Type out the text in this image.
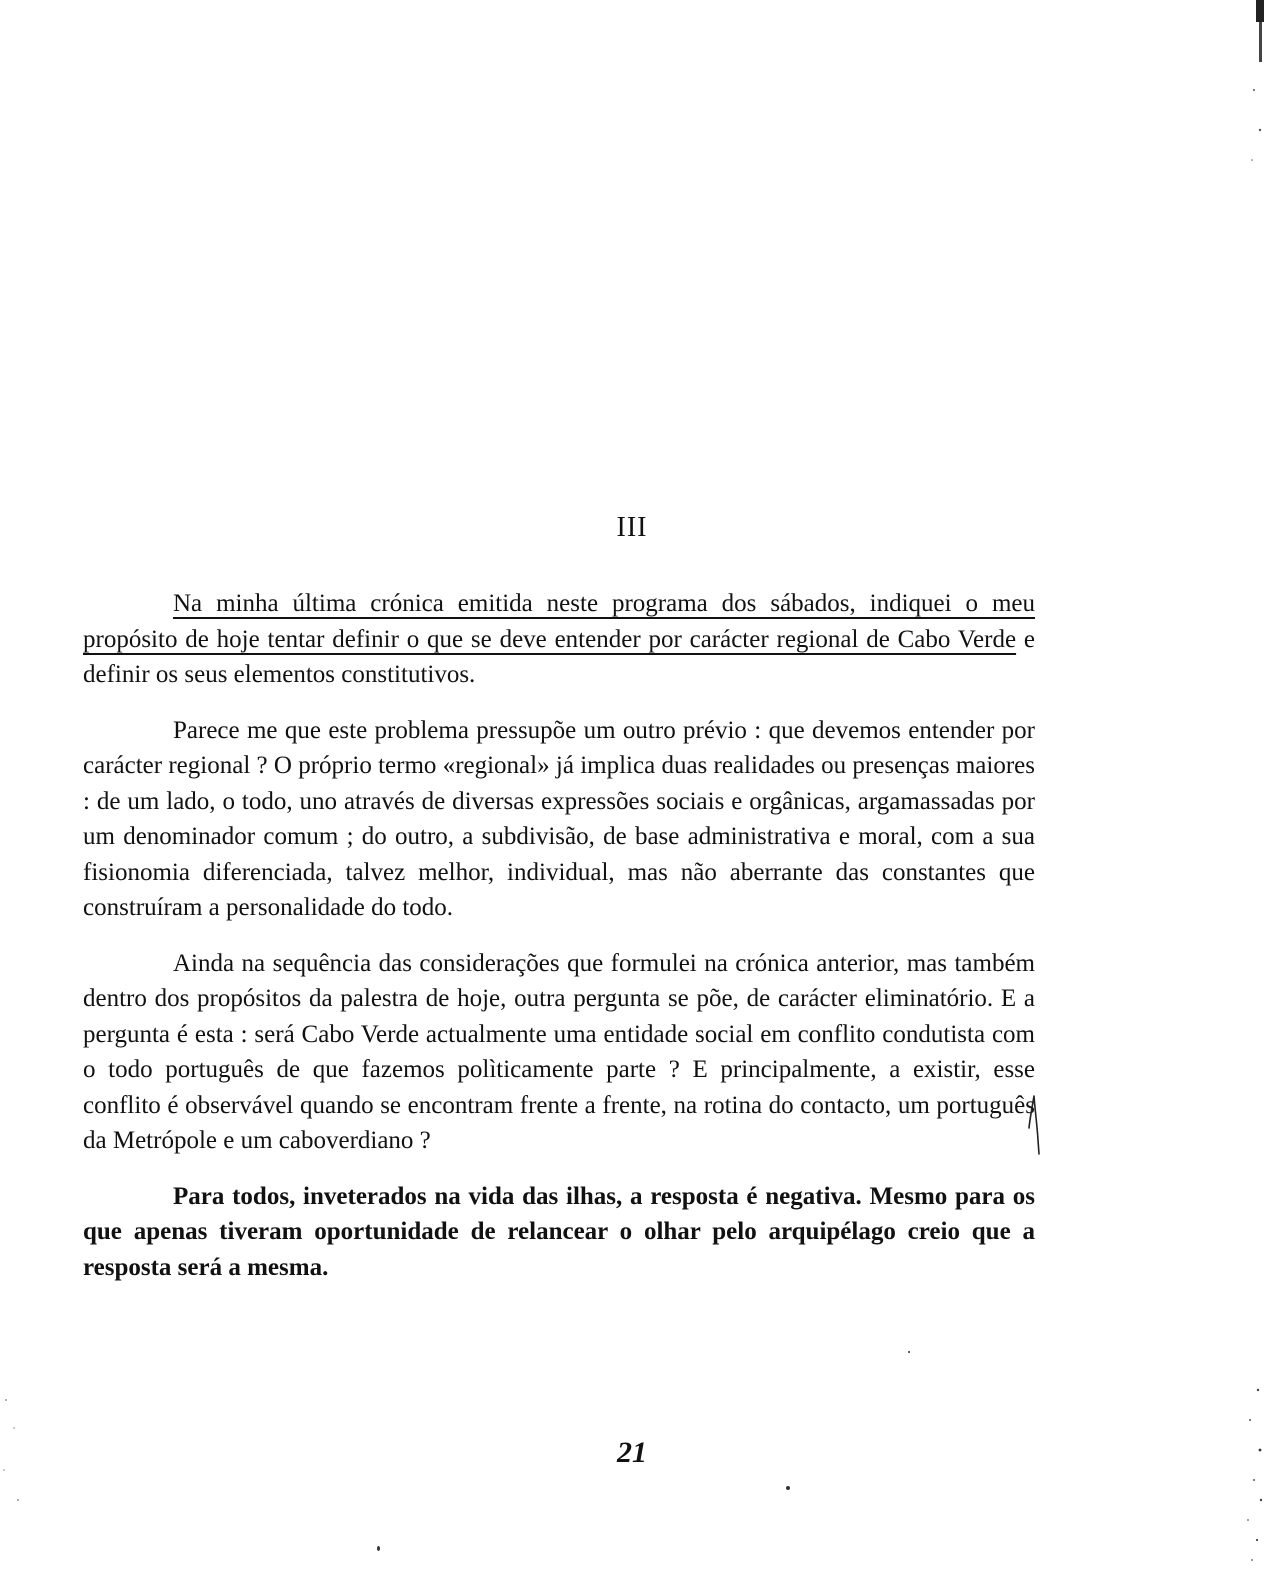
III

Na minha última crónica emitida neste programa dos sábados, indiquei o meu propósito de hoje tentar definir o que se deve entender por carácter regional de Cabo Verde e definir os seus elementos constitutivos.

Parece me que este problema pressupõe um outro prévio : que devemos entender por carácter regional ? O próprio termo «regional» já implica duas realidades ou presenças maiores : de um lado, o todo, uno através de diversas expressões sociais e orgânicas, argamassadas por um denominador comum ; do outro, a subdivisão, de base administrativa e moral, com a sua fisionomia diferenciada, talvez melhor, individual, mas não aberrante das constantes que construíram a personalidade do todo.

Ainda na sequência das considerações que formulei na crónica anterior, mas também dentro dos propósitos da palestra de hoje, outra pergunta se põe, de carácter eliminatório. E a pergunta é esta : será Cabo Verde actualmente uma entidade social em conflito condutista com o todo português de que fazemos polìticamente parte ? E principalmente, a existir, esse conflito é observável quando se encontram frente a frente, na rotina do contacto, um português da Metrópole e um caboverdiano ?

Para todos, inveterados na vida das ilhas, a resposta é negativa. Mesmo para os que apenas tiveram oportunidade de relancear o olhar pelo arquipélago creio que a resposta será a mesma.

21
